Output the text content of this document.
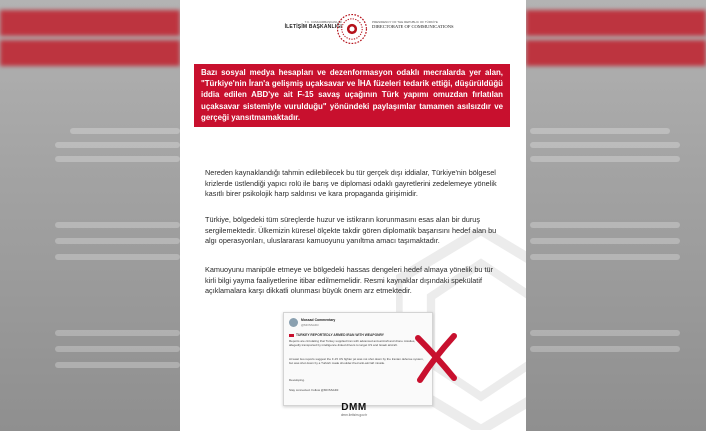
T.C. CUMHURBAŞKANLIĞI
İLETİŞİM BAŞKANLIĞI
PRESIDENCY OF THE REPUBLIC OF TÜRKİYE
DIRECTORATE OF COMMUNICATIONS

Bazı sosyal medya hesapları ve dezenformasyon odaklı mecralarda yer alan, "Türkiye'nin İran'a gelişmiş uçaksavar ve İHA füzeleri tedarik ettiği, düşürüldüğü iddia edilen ABD'ye ait F-15 savaş uçağının Türk yapımı omuzdan fırlatılan uçaksavar sistemiyle vurulduğu" yönündeki paylaşımlar tamamen asılsızdır ve gerçeği yansıtmamaktadır.

Nereden kaynaklandığı tahmin edilebilecek bu tür gerçek dışı iddialar, Türkiye'nin bölgesel krizlerde üstlendiği yapıcı rolü ile barış ve diplomasi odaklı gayretlerini zedelemeye yönelik kasıtlı birer psikolojik harp saldırısı ve kara propaganda girişimidir.

Türkiye, bölgedeki tüm süreçlerde huzur ve istikrarın korunmasını esas alan bir duruş sergilemektedir. Ülkemizin küresel ölçekte takdir gören diplomatik başarısını hedef alan bu algı operasyonları, uluslararası kamuoyunu yanıltma amacı taşımaktadır.

Kamuoyunu manipüle etmeye ve bölgedeki hassas dengeleri hedef almaya yönelik bu tür kirli bilgi yayma faaliyetlerine itibar edilmemelidir. Resmi kaynaklar dışındaki spekülatif açıklamalara karşı dikkatli olunması büyük önem arz etmektedir.

Mossad Commentary
@MOSSADil
TURKEY REPORTEDLY ARMED IRAN WITH WEAPONRY
Reports are circulating that Turkey supplied Iran with advanced anti-aircraft and drone missiles, allegedly transported by intelligence-linked drivers to target US and Israeli aircraft.
At least two reports suggest the F-15 US fighter jet was not shot down by the Iranian defense system, but was shot down by a Turkish made shoulder-fired anti-aircraft missile.
Developing.
Stay connected. Follow @MOSSADil
DMM
dmm.iletisim.gov.tr
